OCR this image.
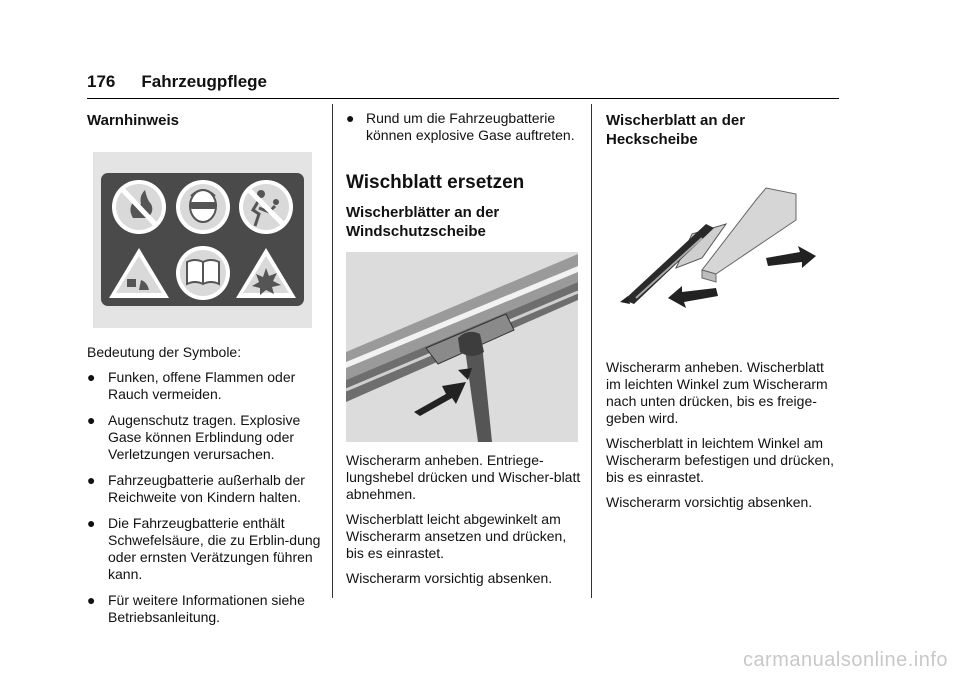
176 Fahrzeugpflege
Warnhinweis

Bedeutung der Symbole:

● Funken, offene Flammen oder Rauch vermeiden.
● Augenschutz tragen. Explosive Gase können Erblindung oder Verletzungen verursachen.
● Fahrzeugbatterie außerhalb der Reichweite von Kindern halten.
● Die Fahrzeugbatterie enthält Schwefelsäure, die zu Erblin-dung oder ernsten Verätzungen führen kann.
● Für weitere Informationen siehe Betriebsanleitung.
● Rund um die Fahrzeugbatterie können explosive Gase auftreten.
Wischblatt ersetzen
Wischerblätter an der Windschutzscheibe

Wischerarm anheben. Entriege-lungshebel drücken und Wischer-blatt abnehmen.

Wischerblatt leicht abgewinkelt am Wischerarm ansetzen und drücken, bis es einrastet.

Wischerarm vorsichtig absenken.

Wischerblatt an der Heckscheibe

Wischerarm anheben. Wischerblatt im leichten Winkel zum Wischerarm nach unten drücken, bis es freige-geben wird.

Wischerblatt in leichtem Winkel am Wischerarm befestigen und drücken, bis es einrastet.

Wischerarm vorsichtig absenken.

carmanualsonline.info
